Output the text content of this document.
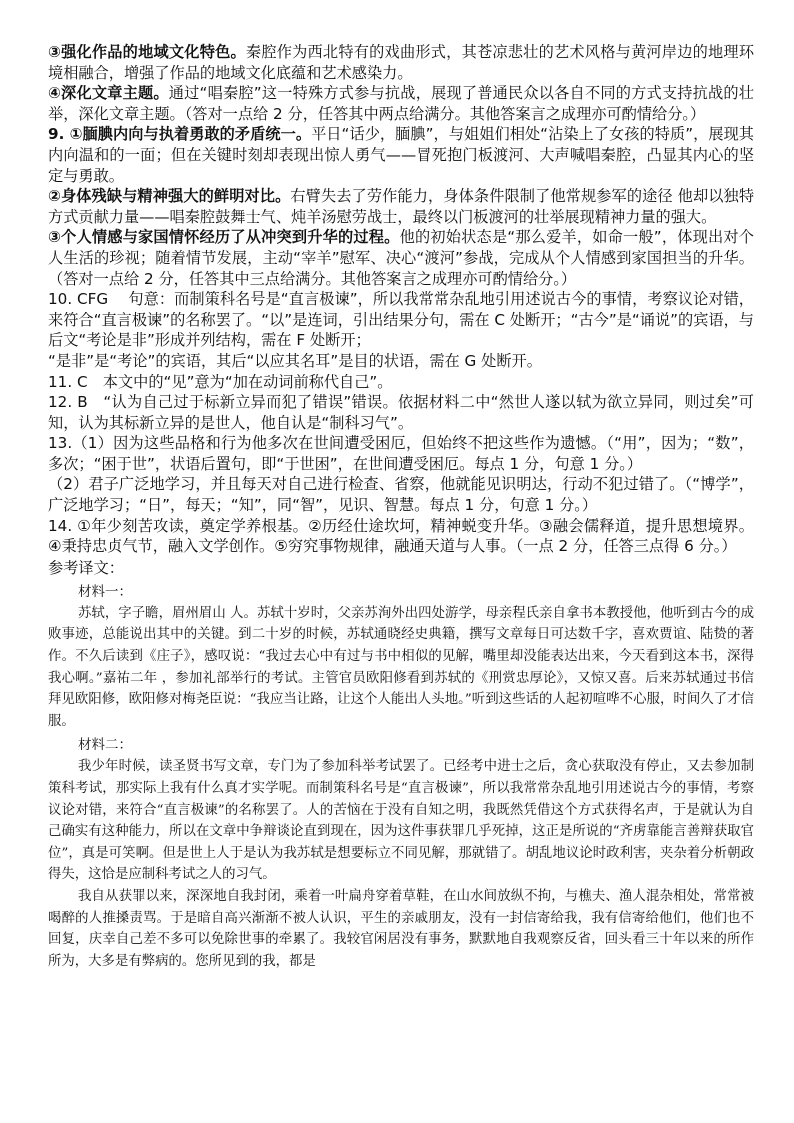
③强化作品的地域文化特色。秦腔作为西北特有的戏曲形式，其苍凉悲壮的艺术风格与黄河岸边的地理环境相融合，增强了作品的地域文化底蕴和艺术感染力。

④深化文章主题。通过“唱秦腔”这一特殊方式参与抗战，展现了普通民众以各自不同的方式支持抗战的壮举，深化文章主题。（答对一点给 2 分，任答其中两点给满分。其他答案言之成理亦可酌情给分。）

9. ①腼腆内向与执着勇敢的矛盾统一。平日“话少，腼腆”，与姐姐们相处“沾染上了女孩的特质”，展现其内向温和的一面；但在关键时刻却表现出惊人勇气——冒死抱门板渡河、大声喊唱秦腔，凸显其内心的坚定与勇敢。

②身体残缺与精神强大的鲜明对比。右臂失去了劳作能力，身体条件限制了他常规参军的途径 他却以独特方式贡献力量——唱秦腔鼓舞士气、炖羊汤慰劳战士，最终以门板渡河的壮举展现精神力量的强大。

③个人情感与家国情怀经历了从冲突到升华的过程。他的初始状态是“那么爱羊，如命一般”，体现出对个人生活的珍视；随着情节发展，主动“宰羊”慰军、决心“渡河”参战，完成从个人情感到家国担当的升华。（答对一点给 2 分，任答其中三点给满分。其他答案言之成理亦可酌情给分。）

10. CFG　 句意：而制策科名号是“直言极谏”，所以我常常杂乱地引用述说古今的事情，考察议论对错，来符合“直言极谏”的名称罢了。“以”是连词，引出结果分句，需在 C 处断开；“古今”是“诵说”的宾语，与后文“考论是非”形成并列结构，需在 F 处断开；

“是非”是“考论”的宾语，其后“以应其名耳”是目的状语，需在 G 处断开。

11. C　本文中的“见”意为“加在动词前称代自己”。

12. B　“认为自己过于标新立异而犯了错误”错误。依据材料二中“然世人遂以轼为欲立异同，则过矣”可知，认为其标新立异的是世人，他自认是“制科习气”。

13.（1）因为这些品格和行为他多次在世间遭受困厄，但始终不把这些作为遗憾。（“用”，因为；“数”，多次；“困于世”，状语后置句，即“于世困”，在世间遭受困厄。每点 1 分，句意 1 分。）

（2）君子广泛地学习，并且每天对自己进行检查、省察，他就能见识明达，行动不犯过错了。（“博学”，广泛地学习；“日”，每天；“知”，同“智”，见识、智慧。每点 1 分，句意 1 分。）

14. ①年少刻苦攻读，奠定学养根基。②历经仕途坎坷，精神蜕变升华。③融会儒释道，提升思想境界。④秉持忠贞气节，融入文学创作。⑤穷究事物规律，融通天道与人事。（一点 2 分，任答三点得 6 分。）

参考译文：

材料一：

苏轼，字子瞻，眉州眉山 人。苏轼十岁时，父亲苏洵外出四处游学，母亲程氏亲自拿书本教授他，他听到古今的成败事迹，总能说出其中的关键。到二十岁的时候，苏轼通晓经史典籍，撰写文章每日可达数千字，喜欢贾谊、陆贽的著作。不久后读到《庄子》，感叹说：“我过去心中有过与书中相似的见解，嘴里却没能表达出来，今天看到这本书，深得我心啊。”嘉祐二年 ，参加礼部举行的考试。主管官员欧阳修看到苏轼的《刑赏忠厚论》，又惊又喜。后来苏轼通过书信拜见欧阳修，欧阳修对梅尧臣说：“我应当让路，让这个人能出人头地。”听到这些话的人起初喧哗不心服，时间久了才信服。

材料二：

我少年时候，读圣贤书写文章，专门为了参加科举考试罢了。已经考中进士之后，贪心获取没有停止，又去参加制策科考试，那实际上我有什么真才实学呢。而制策科名号是“直言极谏”，所以我常常杂乱地引用述说古今的事情，考察议论对错，来符合“直言极谏”的名称罢了。人的苦恼在于没有自知之明，我既然凭借这个方式获得名声，于是就认为自己确实有这种能力，所以在文章中争辩谈论直到现在，因为这件事获罪几乎死掉，这正是所说的“齐虏靠能言善辩获取官位”，真是可笑啊。但是世上人于是认为我苏轼是想要标立不同见解，那就错了。胡乱地议论时政利害，夹杂着分析朝政得失，这恰是应制科考试之人的习气。

我自从获罪以来，深深地自我封闭，乘着一叶扁舟穿着草鞋，在山水间放纵不拘，与樵夫、渔人混杂相处，常常被喝醉的人推搡责骂。于是暗自高兴渐渐不被人认识，平生的亲戚朋友，没有一封信寄给我，我有信寄给他们，他们也不回复，庆幸自己差不多可以免除世事的牵累了。我较官闲居没有事务，默默地自我观察反省，回头看三十年以来的所作所为，大多是有弊病的。您所见到的我，都是
